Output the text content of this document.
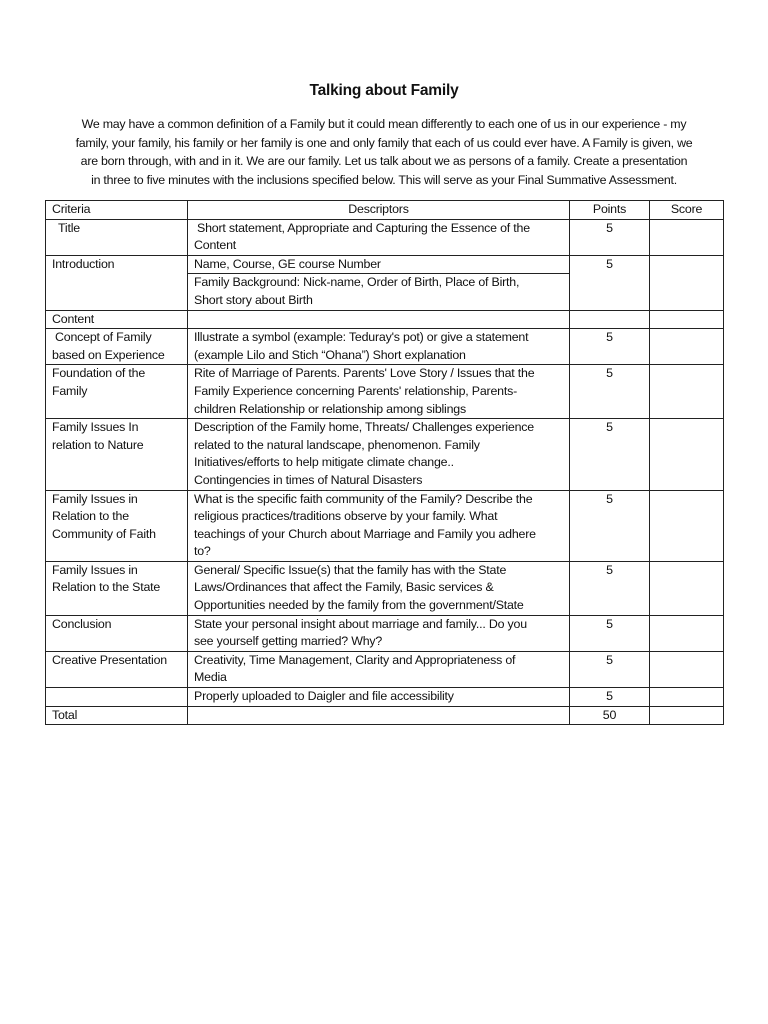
Talking about Family

We may have a common definition of a Family but it could mean differently to each one of us in our experience - my

family, your family, his family or her family is one and only family that each of us could ever have. A Family is given, we

are born through, with and in it. We are our family. Let us talk about we as persons of a family. Create a presentation

in three to five minutes with the inclusions specified below. This will serve as your Final Summative Assessment.

Criteria	Descriptors	Points	Score

Title	Short statement, Appropriate and Capturing the Essence of the
Content	5	

Introduction	Name, Course, GE course Number	5	

	Family Background: Nick-name, Order of Birth, Place of Birth,
Short story about Birth		

Content			

Concept of Family
based on Experience	Illustrate a symbol (example: Teduray's pot) or give a statement
(example Lilo and Stich “Ohana”) Short explanation	5	

Foundation of the
Family	Rite of Marriage of Parents. Parents' Love Story / Issues that the
Family Experience concerning Parents' relationship, Parents-
children Relationship or relationship among siblings	5	

Family Issues In
relation to Nature	Description of the Family home, Threats/ Challenges experience
related to the natural landscape, phenomenon. Family
Initiatives/efforts to help mitigate climate change..
Contingencies in times of Natural Disasters	5	

Family Issues in
Relation to the
Community of Faith	What is the specific faith community of the Family? Describe the
religious practices/traditions observe by your family. What
teachings of your Church about Marriage and Family you adhere
to?	5	

Family Issues in
Relation to the State	General/ Specific Issue(s) that the family has with the State
Laws/Ordinances that affect the Family, Basic services &
Opportunities needed by the family from the government/State	5	
Conclusion	State your personal insight about marriage and family... Do you
see yourself getting married? Why?	5	

Creative Presentation	Creativity, Time Management, Clarity and Appropriateness of
Media	5	

	Properly uploaded to Daigler and file accessibility	5	
Total		50	
